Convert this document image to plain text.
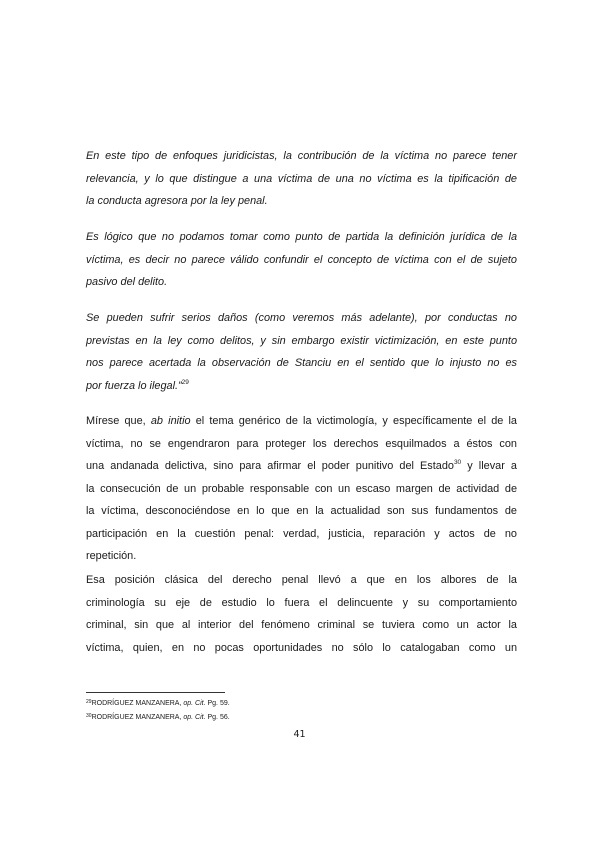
En este tipo de enfoques juridicistas, la contribución de la víctima no parece tener
relevancia, y lo que distingue a una víctima de una no víctima es la tipificación de
la conducta agresora por la ley penal.
Es lógico que no podamos tomar como punto de partida la definición jurídica de la
víctima, es decir no parece válido confundir el concepto de víctima con el de sujeto
pasivo del delito.
Se pueden sufrir serios daños (como veremos más adelante), por conductas no
previstas en la ley como delitos, y sin embargo existir victimización, en este punto
nos parece acertada la observación de Stanciu en el sentido que lo injusto no es
por fuerza lo ilegal.”$^{29}$
Mírese que, ab initio el tema genérico de la victimología, y específicamente el de la
víctima, no se engendraron para proteger los derechos esquilmados a éstos con
una andanada delictiva, sino para afirmar el poder punitivo del Estado$^{30}$ y llevar a
la consecución de un probable responsable con un escaso margen de actividad de
la víctima, desconociéndose en lo que en la actualidad son sus fundamentos de
participación en la cuestión penal: verdad, justicia, reparación y actos de no
repetición.
Esa posición clásica del derecho penal llevó a que en los albores de la
criminología su eje de estudio lo fuera el delincuente y su comportamiento
criminal, sin que al interior del fenómeno criminal se tuviera como un actor la
víctima, quien, en no pocas oportunidades no sólo lo catalogaban como un
$^{29}$RODRÍGUEZ MANZANERA, op. Cit. Pg. 59.
$^{30}$RODRÍGUEZ MANZANERA, op. Cit. Pg. 56.
41
